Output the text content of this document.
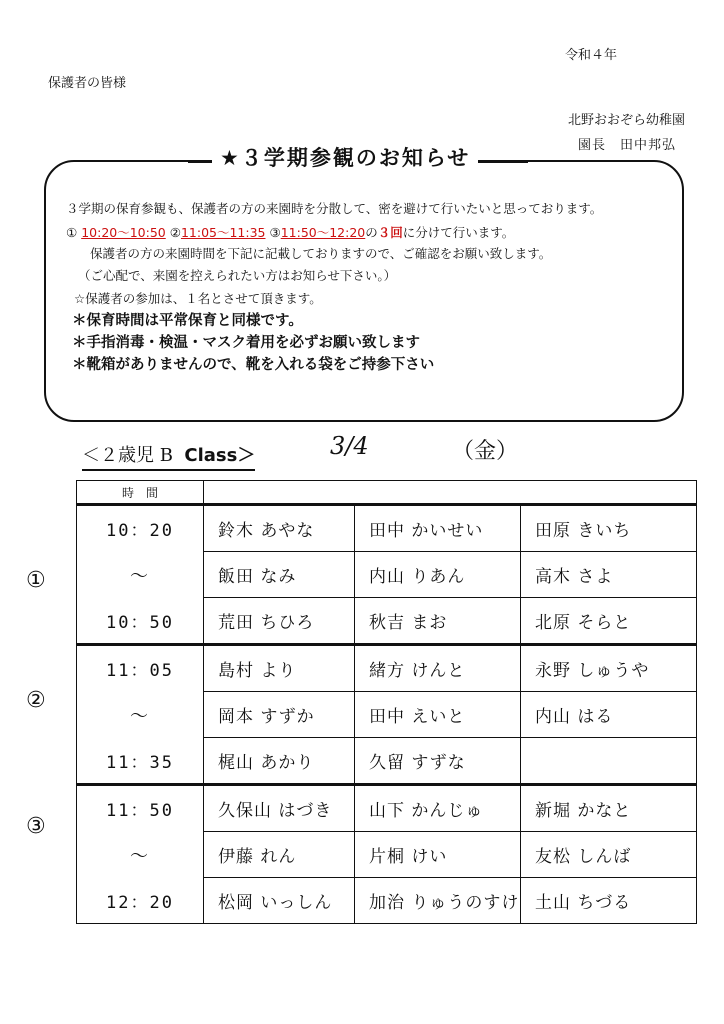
令和４年
保護者の皆様
北野おおぞら幼稚園
園長 田中邦弘
★３学期参観のお知らせ
３学期の保育参観も、保護者の方の来園時を分散して、密を避けて行いたいと思っております。
① 10:20～10:50 ②11:05～11:35 ③11:50～12:20の３回に分けて行います。
保護者の方の来園時間を下記に記載しておりますので、ご確認をお願い致します。
（ご心配で、来園を控えられたい方はお知らせ下さい。）
☆保護者の参加は、１名とさせて頂きます。
＊保育時間は平常保育と同様です。
＊手指消毒・検温・マスク着用を必ずお願い致します
＊靴箱がありませんので、靴を入れる袋をご持参下さい
＜２歳児 B Class＞	3/4	（金）
①
②
③
時　間			
10：20	鈴木 あやな	田中 かいせい	田原 きいち
〜	飯田 なみ	内山 りあん	高木 さよ
10：50	荒田 ちひろ	秋吉 まお	北原 そらと
11：05	島村 より	緒方 けんと	永野 しゅうや
〜	岡本 すずか	田中 えいと	内山 はる
11：35	梶山 あかり	久留 すずな	
11：50	久保山 はづき	山下 かんじゅ	新堀 かなと
〜	伊藤 れん	片桐 けい	友松 しんば
12：20	松岡 いっしん	加治 りゅうのすけ	土山 ちづる
